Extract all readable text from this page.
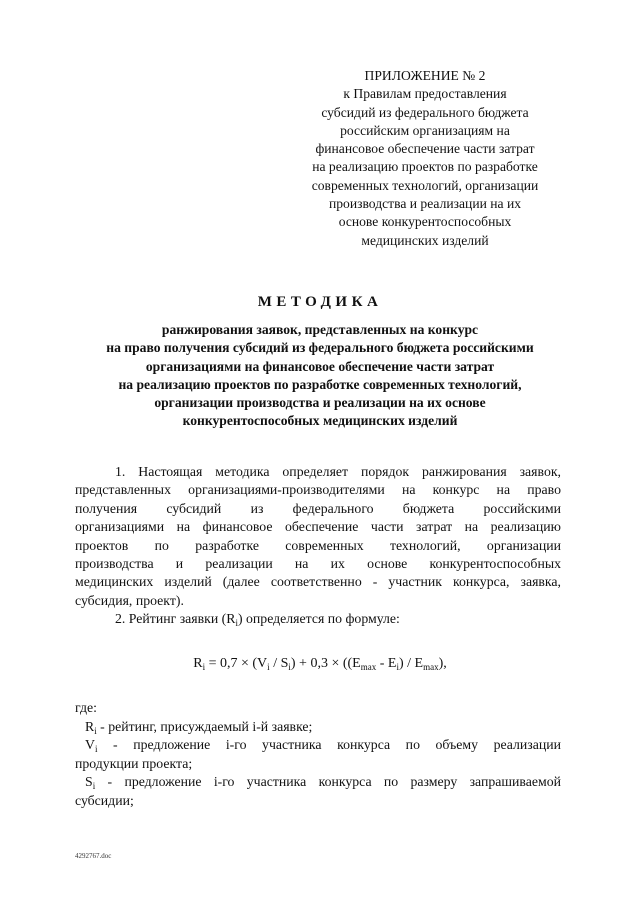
ПРИЛОЖЕНИЕ № 2
к Правилам предоставления
субсидий из федерального бюджета
российским организациям на
финансовое обеспечение части затрат
на реализацию проектов по разработке
современных технологий, организации
производства и реализации на их
основе конкурентоспособных
медицинских изделий
МЕТОДИКА
ранжирования заявок, представленных на конкурс
на право получения субсидий из федерального бюджета российскими
организациями на финансовое обеспечение части затрат
на реализацию проектов по разработке современных технологий,
организации производства и реализации на их основе
конкурентоспособных медицинских изделий
1. Настоящая методика определяет порядок ранжирования заявок,
представленных организациями-производителями на конкурс на право
получения субсидий из федерального бюджета российскими
организациями на финансовое обеспечение части затрат на реализацию
проектов по разработке современных технологий, организации
производства и реализации на их основе конкурентоспособных
медицинских изделий (далее соответственно - участник конкурса, заявка,
субсидия, проект).
2. Рейтинг заявки $(R_i)$ определяется по формуле:
$R_i = 0,7 \times (V_i / S_i) + 0,3 \times ((E_{max} - E_i) / E_{max})$,
где:
$R_i$ - рейтинг, присуждаемый i-й заявке;
$V_i$ - предложение i-го участника конкурса по объему реализации
продукции проекта;
$S_i$ - предложение i-го участника конкурса по размеру запрашиваемой
субсидии;
4292767.doc
